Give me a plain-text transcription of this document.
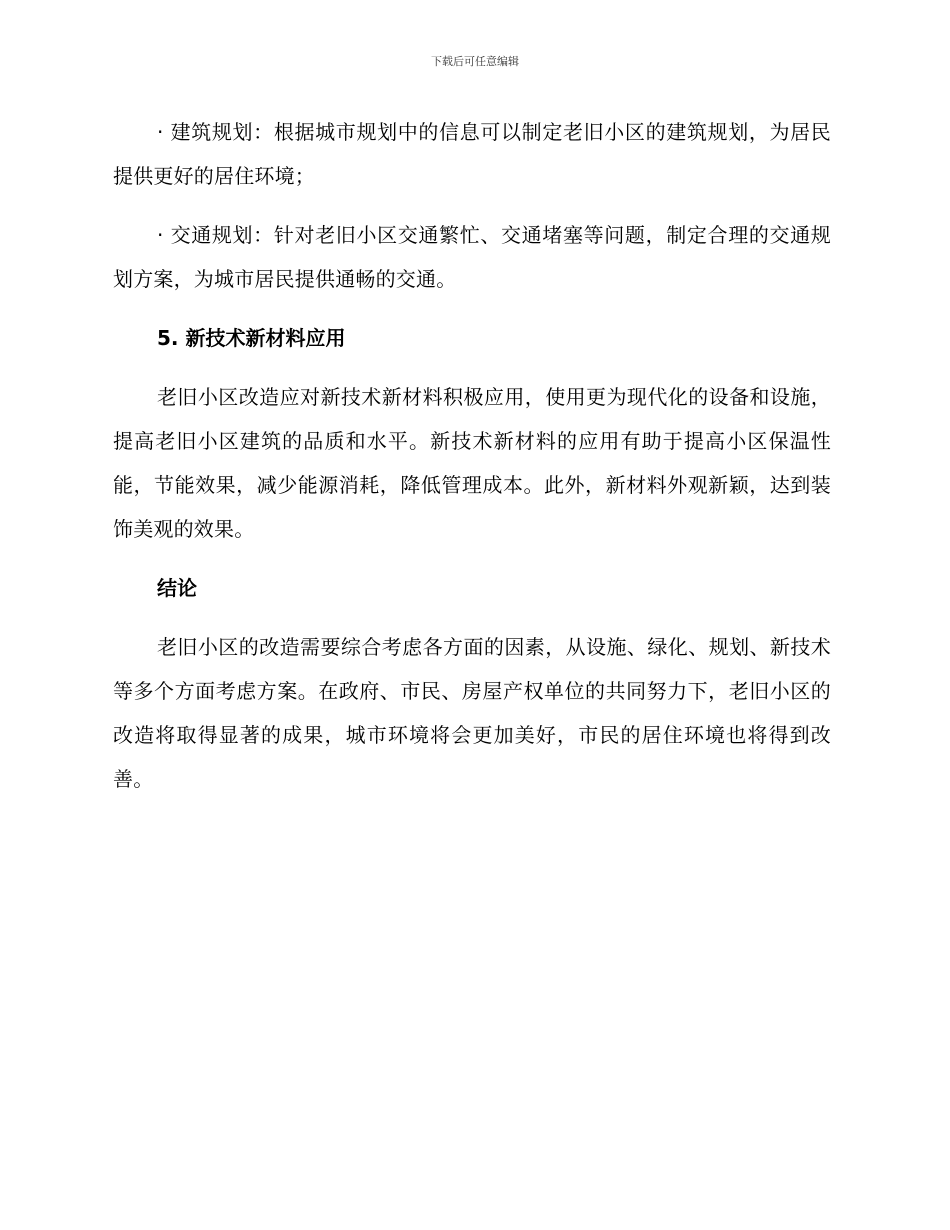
下载后可任意编辑

· 建筑规划：根据城市规划中的信息可以制定老旧小区的建筑规划，为居民提供更好的居住环境；

· 交通规划：针对老旧小区交通繁忙、交通堵塞等问题，制定合理的交通规划方案，为城市居民提供通畅的交通。

5. 新技术新材料应用

老旧小区改造应对新技术新材料积极应用，使用更为现代化的设备和设施，提高老旧小区建筑的品质和水平。新技术新材料的应用有助于提高小区保温性能，节能效果，减少能源消耗，降低管理成本。此外，新材料外观新颖，达到装饰美观的效果。

结论

老旧小区的改造需要综合考虑各方面的因素，从设施、绿化、规划、新技术等多个方面考虑方案。在政府、市民、房屋产权单位的共同努力下，老旧小区的改造将取得显著的成果，城市环境将会更加美好，市民的居住环境也将得到改善。
